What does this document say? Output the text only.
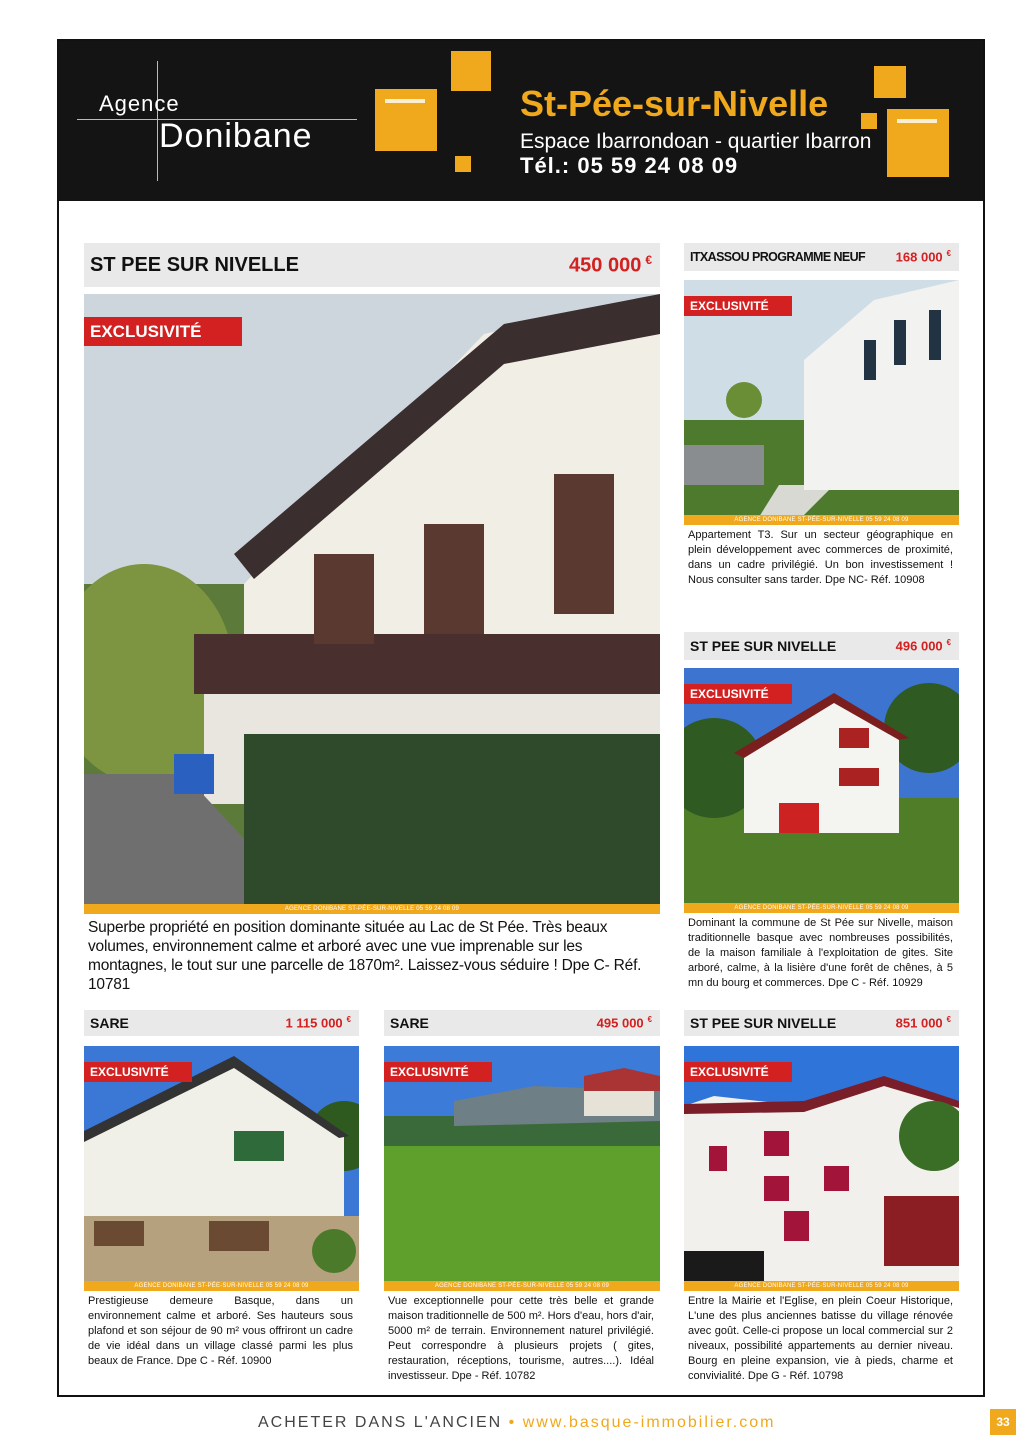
Agence
Donibane
St-Pée-sur-Nivelle
Espace Ibarrondoan - quartier Ibarron
Tél.: 05 59 24 08 09
ST PEE SUR NIVELLE	450 000 €
EXCLUSIVITÉ
AGENCE DONIBANE ST-PÉE-SUR-NIVELLE 05 59 24 08 09
Superbe propriété en position dominante située au Lac de St Pée. Très beaux volumes, environnement calme et arboré avec une vue imprenable sur les montagnes, le tout sur une parcelle de 1870m². Laissez-vous séduire ! Dpe C- Réf. 10781
ITXASSOU PROGRAMME NEUF 168 000 €
EXCLUSIVITÉ
AGENCE DONIBANE ST-PÉE-SUR-NIVELLE 05 59 24 08 09
Appartement T3. Sur un secteur géographique en plein développement avec commerces de proximité, dans un cadre privilégié. Un bon investissement ! Nous consulter sans tarder. Dpe NC- Réf. 10908
ST PEE SUR NIVELLE	496 000 €
EXCLUSIVITÉ
AGENCE DONIBANE ST-PÉE-SUR-NIVELLE 05 59 24 08 09
Dominant la commune de St Pée sur Nivelle, maison traditionnelle basque avec nombreuses possibilités, de la maison familiale à l'exploitation de gites. Site arboré, calme, à la lisière d'une forêt de chênes, à 5 mn du bourg et commerces. Dpe C - Réf. 10929
SARE	1 115 000 €
EXCLUSIVITÉ
AGENCE DONIBANE ST-PÉE-SUR-NIVELLE 05 59 24 08 09
Prestigieuse demeure Basque, dans un environnement calme et arboré. Ses hauteurs sous plafond et son séjour de 90 m² vous offriront un cadre de vie idéal dans un village classé parmi les plus beaux de France. Dpe C - Réf. 10900
SARE	495 000 €
EXCLUSIVITÉ
AGENCE DONIBANE ST-PÉE-SUR-NIVELLE 05 59 24 08 09
Vue exceptionnelle pour cette très belle et grande maison traditionnelle de 500 m². Hors d'eau, hors d'air, 5000 m² de terrain. Environnement naturel privilégié. Peut correspondre à plusieurs projets ( gites, restauration, réceptions, tourisme, autres....). Idéal investisseur. Dpe - Réf. 10782
ST PEE SUR NIVELLE	851 000 €
EXCLUSIVITÉ
AGENCE DONIBANE ST-PÉE-SUR-NIVELLE 05 59 24 08 09
Entre la Mairie et l'Eglise, en plein Coeur Historique, L'une des plus anciennes batisse du village rénovée avec goût. Celle-ci propose un local commercial sur 2 niveaux, possibilité appartements au dernier niveau. Bourg en pleine expansion, vie à pieds, charme et convivialité. Dpe G - Réf. 10798
ACHETER DANS L'ANCIEN • www.basque-immobilier.com	33
